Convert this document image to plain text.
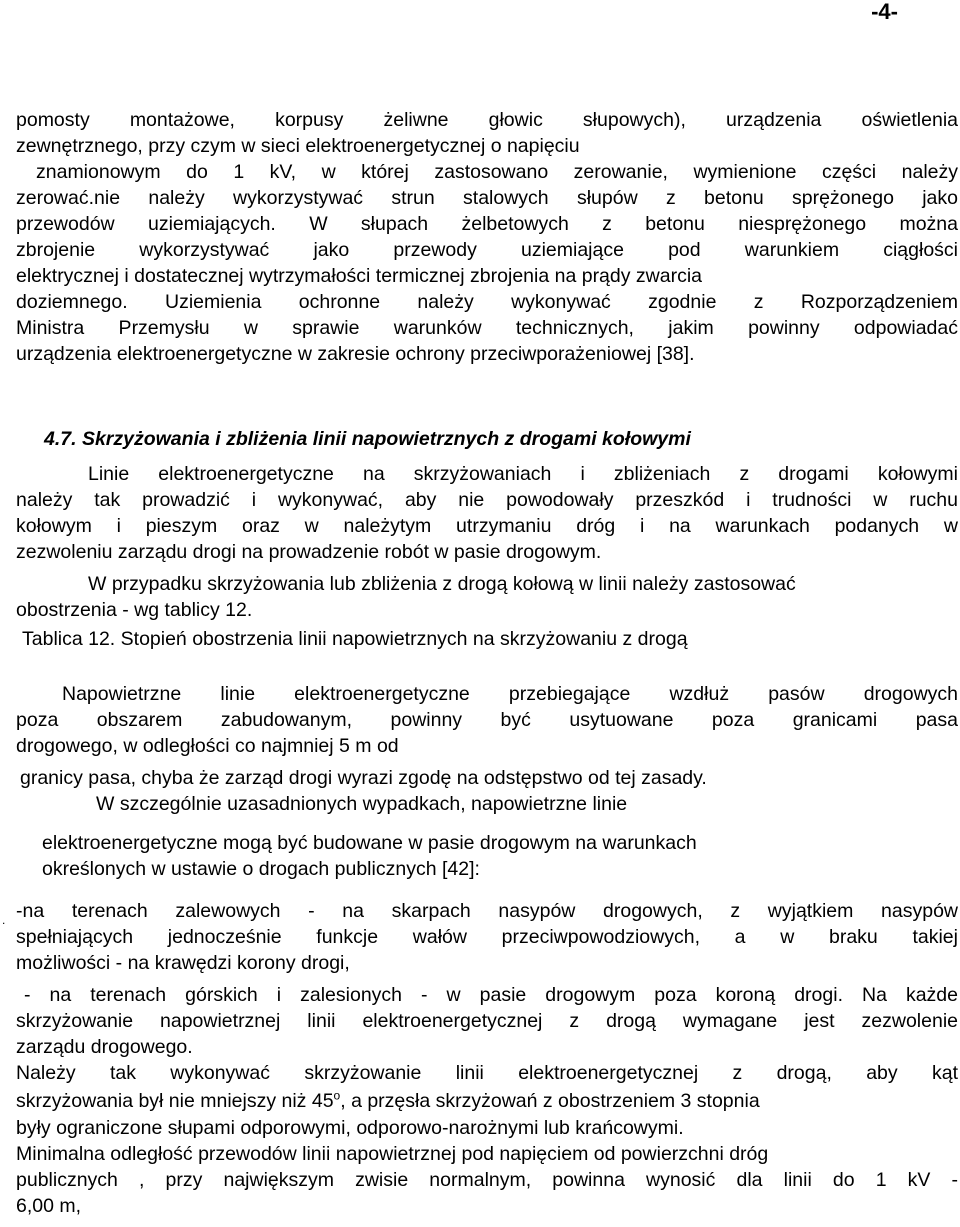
-4-
pomosty montażowe, korpusy żeliwne głowic słupowych), urządzenia oświetlenia
zewnętrznego, przy czym w sieci elektroenergetycznej o napięciu
znamionowym do 1 kV, w której zastosowano zerowanie, wymienione części należy
zerować.nie należy wykorzystywać strun stalowych słupów z betonu sprężonego jako
przewodów uziemiających. W słupach żelbetowych z betonu niesprężonego można
zbrojenie wykorzystywać jako przewody uziemiające pod warunkiem ciągłości
elektrycznej i dostatecznej wytrzymałości termicznej zbrojenia na prądy zwarcia
doziemnego. Uziemienia ochronne należy wykonywać zgodnie z Rozporządzeniem
Ministra Przemysłu w sprawie warunków technicznych, jakim powinny odpowiadać
urządzenia elektroenergetyczne w zakresie ochrony przeciwporażeniowej [38].
4.7. Skrzyżowania i zbliżenia linii napowietrznych z drogami kołowymi
Linie elektroenergetyczne na skrzyżowaniach i zbliżeniach z drogami kołowymi
należy tak prowadzić i wykonywać, aby nie powodowały przeszkód i trudności w ruchu
kołowym i pieszym oraz w należytym utrzymaniu dróg i na warunkach podanych w
zezwoleniu zarządu drogi na prowadzenie robót w pasie drogowym.
W przypadku skrzyżowania lub zbliżenia z drogą kołową w linii należy zastosować
obostrzenia - wg tablicy 12.
Tablica 12. Stopień obostrzenia linii napowietrznych na skrzyżowaniu z drogą
Napowietrzne linie elektroenergetyczne przebiegające wzdłuż pasów drogowych
poza obszarem zabudowanym, powinny być usytuowane poza granicami pasa
drogowego, w odległości co najmniej 5 m od
granicy pasa, chyba że zarząd drogi wyrazi zgodę na odstępstwo od tej zasady.
W szczególnie uzasadnionych wypadkach, napowietrzne linie
elektroenergetyczne mogą być budowane w pasie drogowym na warunkach
określonych w ustawie o drogach publicznych [42]:
. -na terenach zalewowych - na skarpach nasypów drogowych, z wyjątkiem nasypów
spełniających jednocześnie funkcje wałów przeciwpowodziowych, a w braku takiej
możliwości - na krawędzi korony drogi,
- na terenach górskich i zalesionych - w pasie drogowym poza koroną drogi. Na każde
skrzyżowanie napowietrznej linii elektroenergetycznej z drogą wymagane jest zezwolenie
zarządu drogowego.
Należy tak wykonywać skrzyżowanie linii elektroenergetycznej z drogą, aby kąt
skrzyżowania był nie mniejszy niż 45$^o$, a przęsła skrzyżowań z obostrzeniem 3 stopnia
były ograniczone słupami odporowymi, odporowo-narożnymi lub krańcowymi.
Minimalna odległość przewodów linii napowietrznej pod napięciem od powierzchni dróg
publicznych , przy największym zwisie normalnym, powinna wynosić dla linii do 1 kV -
6,00 m,
